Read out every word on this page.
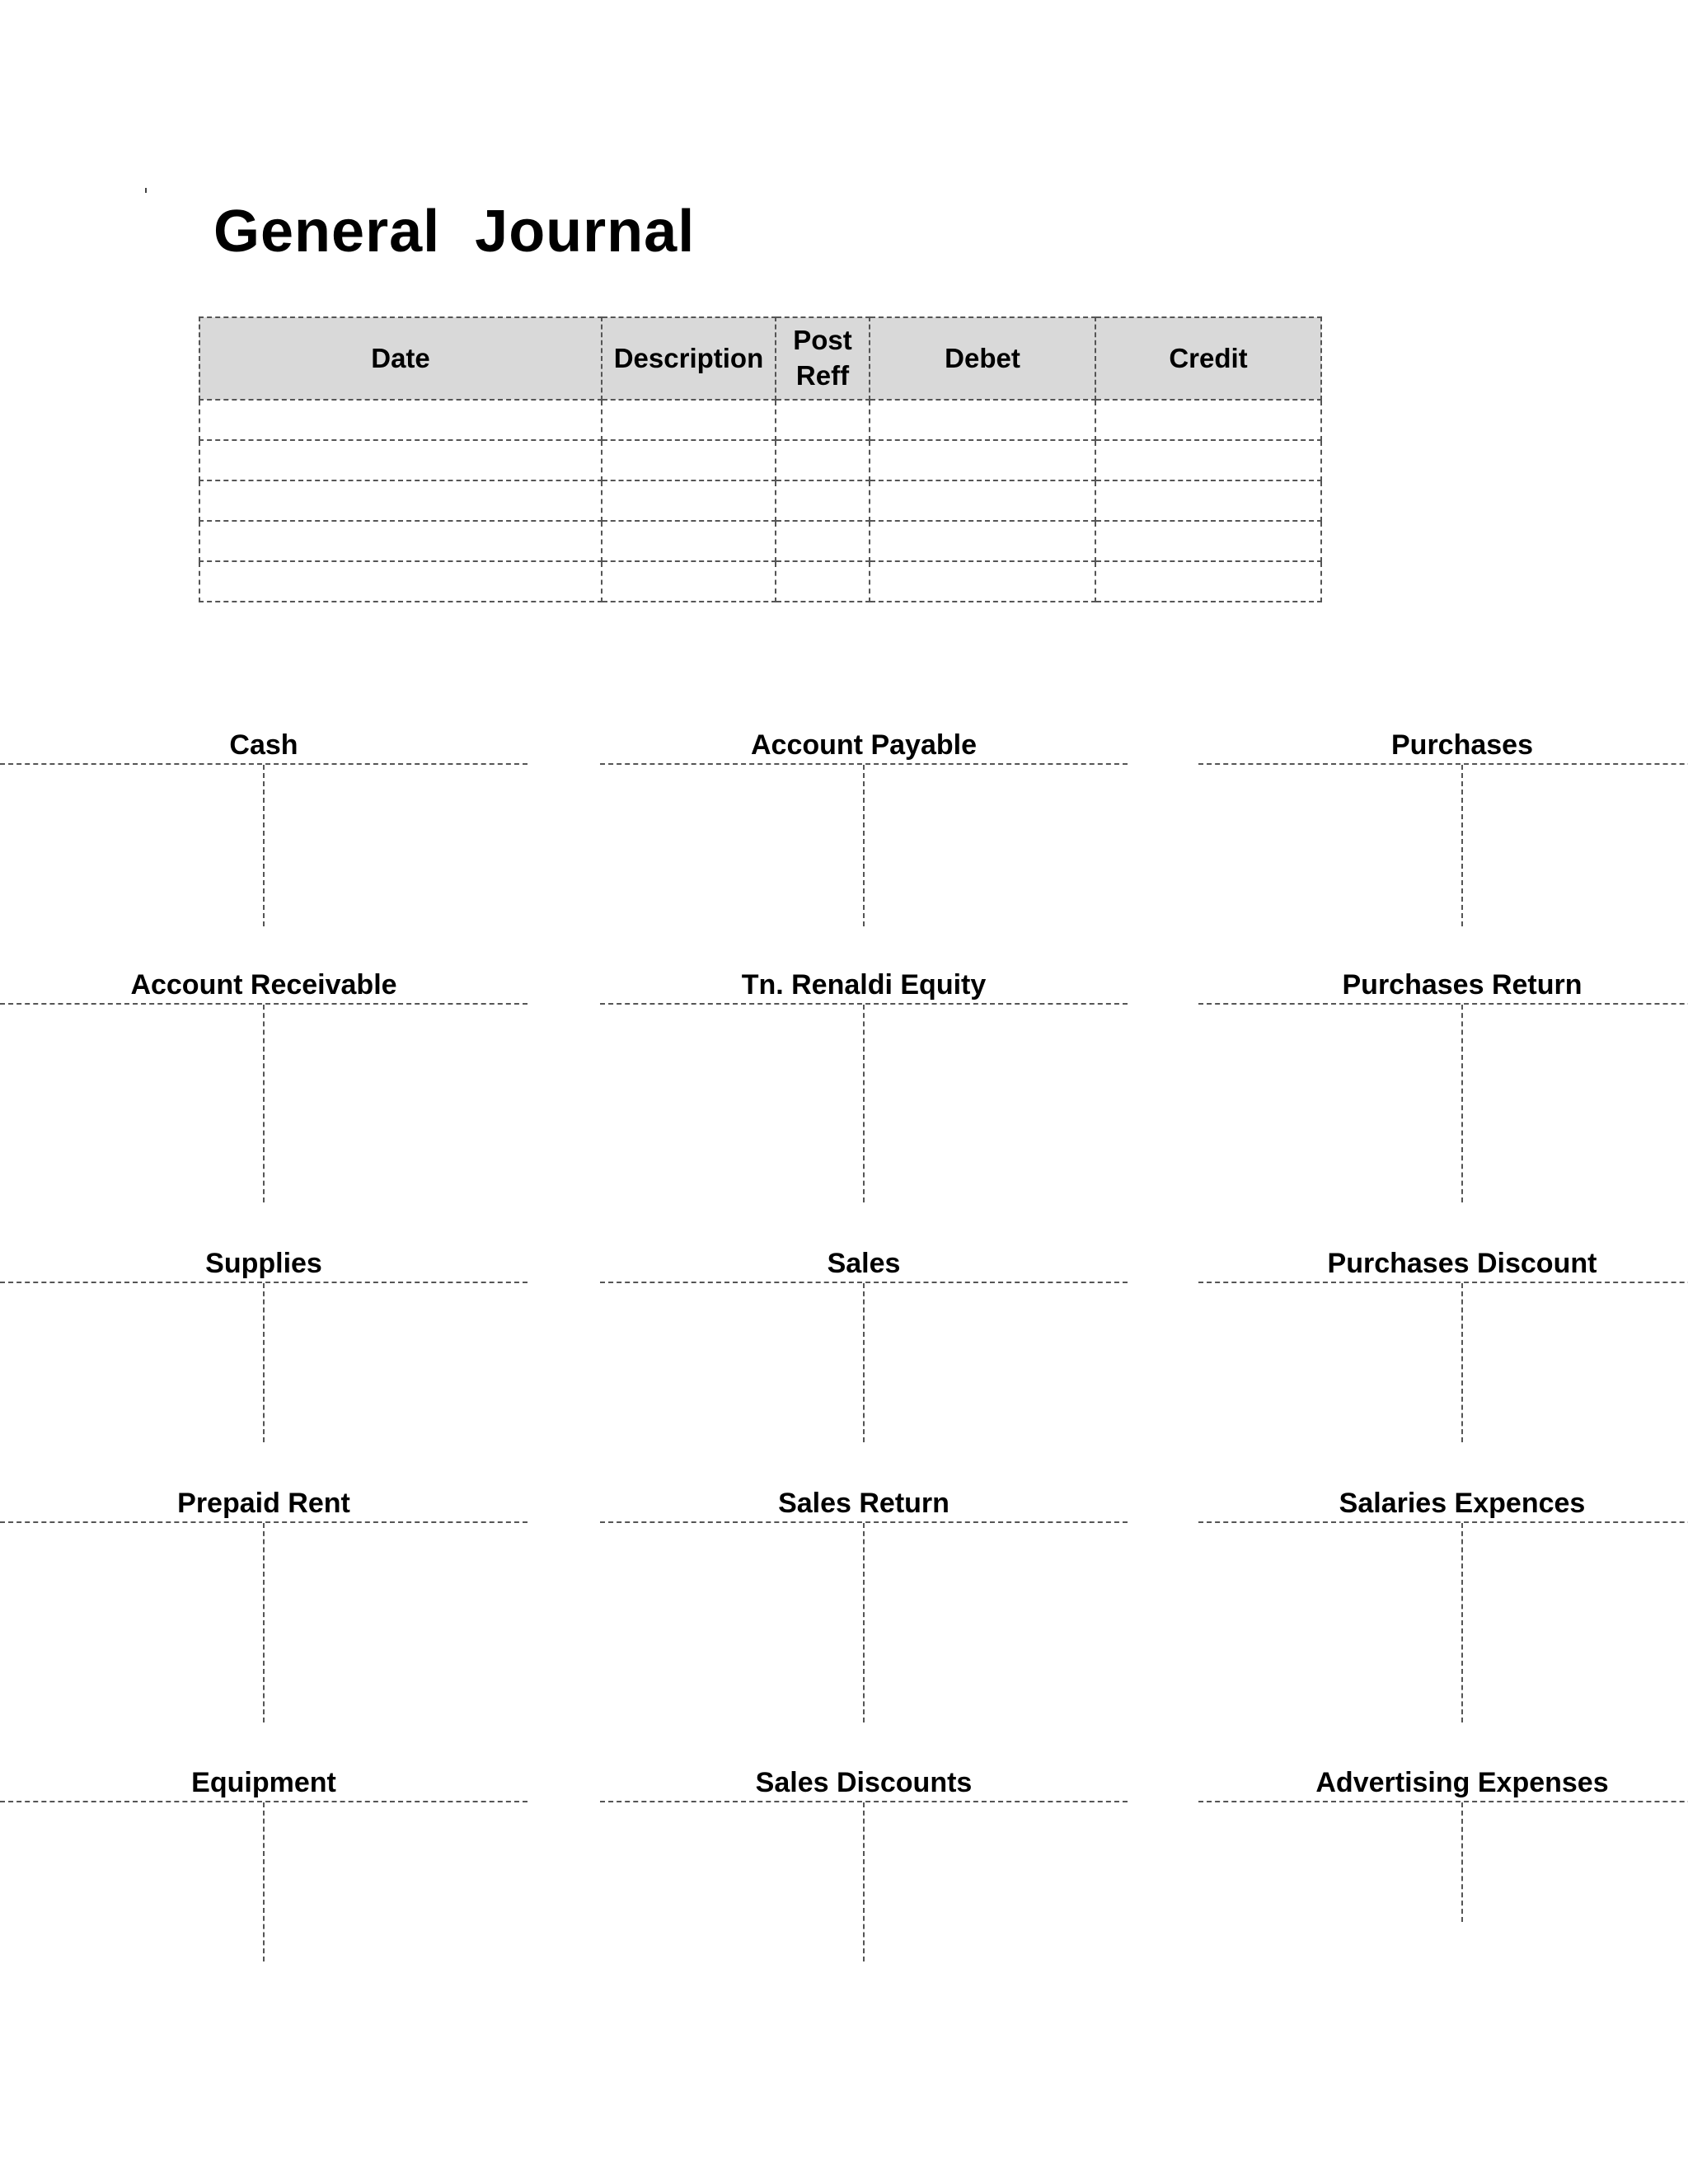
General  Journal
Date	Description	Post Reff	Debet	Credit

Cash	Account Payable	Purchases
Account Receivable	Tn. Renaldi Equity	Purchases Return
Supplies	Sales	Purchases Discount
Prepaid Rent	Sales Return	Salaries Expences
Equipment	Sales Discounts	Advertising Expenses
